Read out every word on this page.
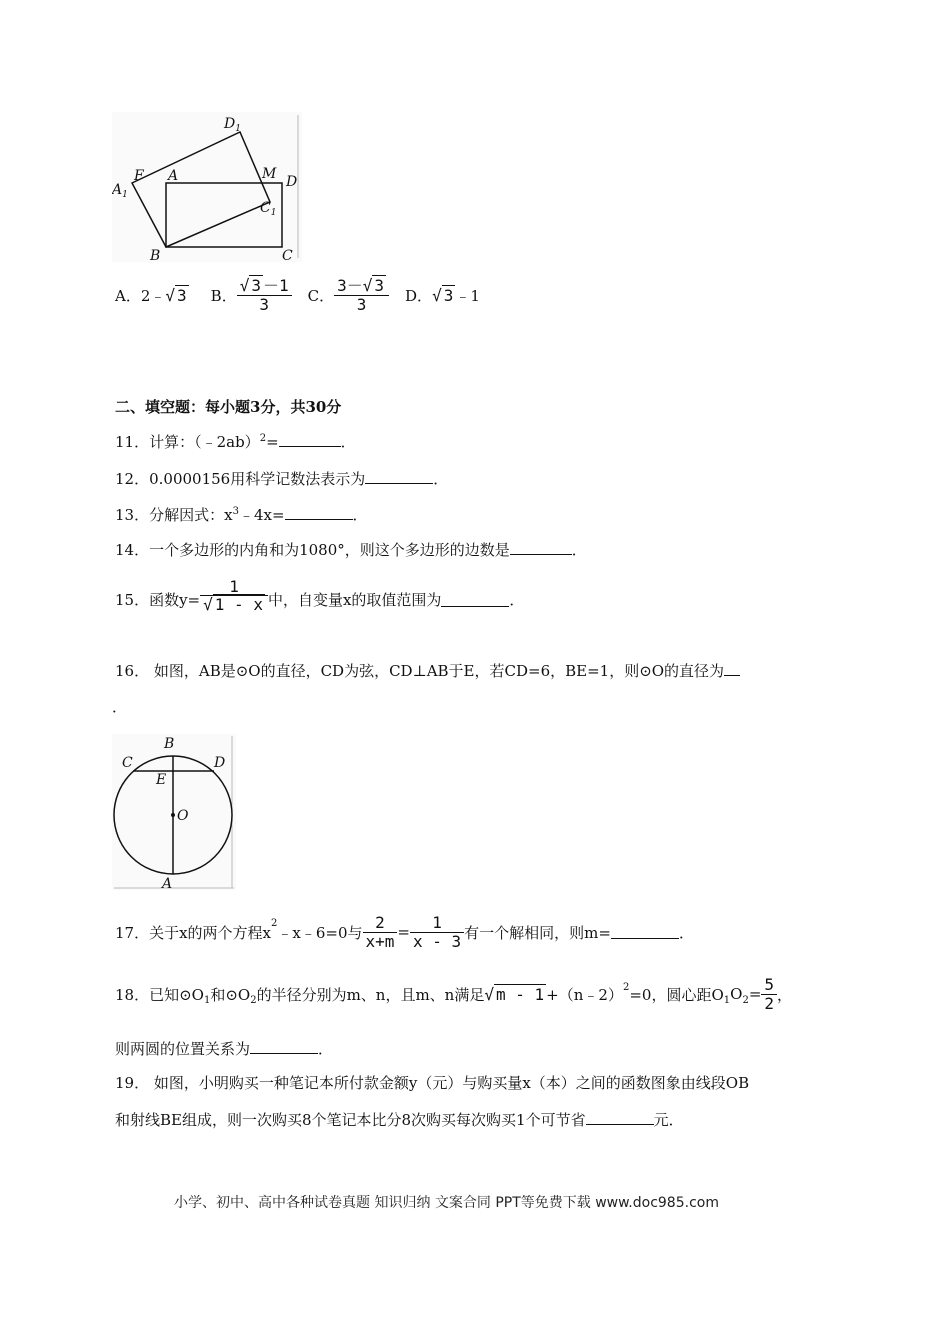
$D_1$
$A_1$
F A	M D
$C_1$
B	C
A． 2﹣ √ 3 B． $\frac{√ 3 -1}{3}$ C． $\frac{3-√ 3}{3}$ D． √ 3 ﹣1
二、填空题：每小题3分，共30分
11．计算：（﹣2ab）$^2$=	．
12．0.0000156用科学记数法表示为	．
13．分解因式：$x^3﹣4x=$	．
14．一个多边形的内角和为1080°，则这个多边形的边数是	．
15．函数$y= \frac{1}{√ 1 - x}$ 中，自变量x的取值范围为	．
16． 如图，AB是⊙O的直径，CD为弦，CD⊥AB于E，若CD=6，BE=1，则⊙O的直径为
．
B
C	D
E
O
A
17．关于x的两个方程$x^2$ ﹣x﹣6=0与 $\frac{2}{x+m} = \frac{1}{x - 3}$ 有一个解相同，则m=	．
18．已知$⊙O_1$ 和$⊙O_2$ 的半径分别为m、n，且m、n满足 √ m - 1 +（n﹣2）$^2$ =0，圆心距$O_1$ $O_2 = \frac{5}{2}$ ，
则两圆的位置关系为	．
19． 如图，小明购买一种笔记本所付款金额y（元）与购买量x（本）之间的函数图象由线段OB
和射线BE组成，则一次购买8个笔记本比分8次购买每次购买1个可节省	元．
小学、初中、高中各种试卷真题 知识归纳 文案合同 PPT等免费下载 www.doc985.com
